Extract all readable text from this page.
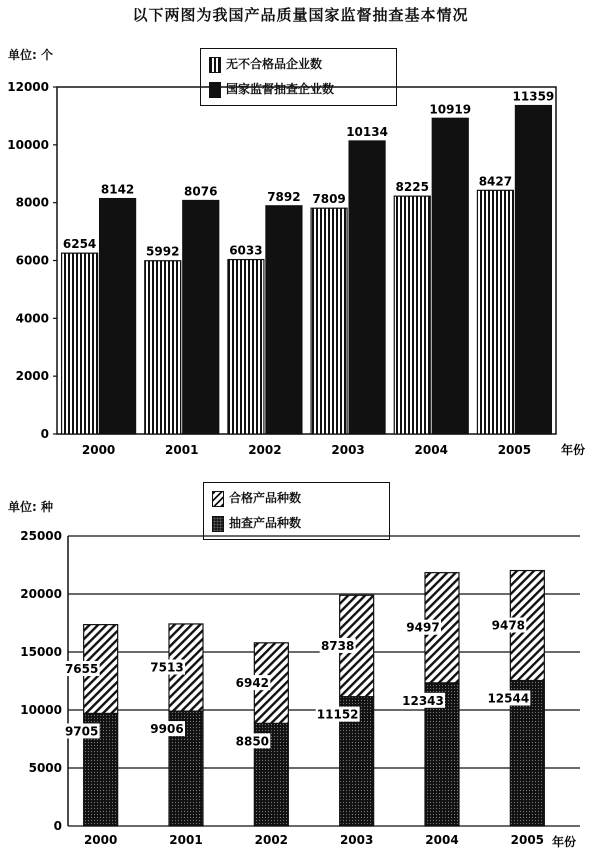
以下两图为我国产品质量国家监督抽查基本情况
单位: 个
无不合格品企业数
国家监督抽查企业数
0
2000
4000
6000
8000
10000
12000
6254
8142
2000
5992
8076
2001
6033
7892
2002
7809
10134
2003
8225
10919
2004
8427
11359
2005 年份
单位: 种
合格产品种数
抽查产品种数
0
5000
10000
15000
20000
25000
9705
7655
2000
9906
7513
2001
8850
6942
2002
11152
8738
2003
12343
9497
2004
12544
9478
2005 年份
